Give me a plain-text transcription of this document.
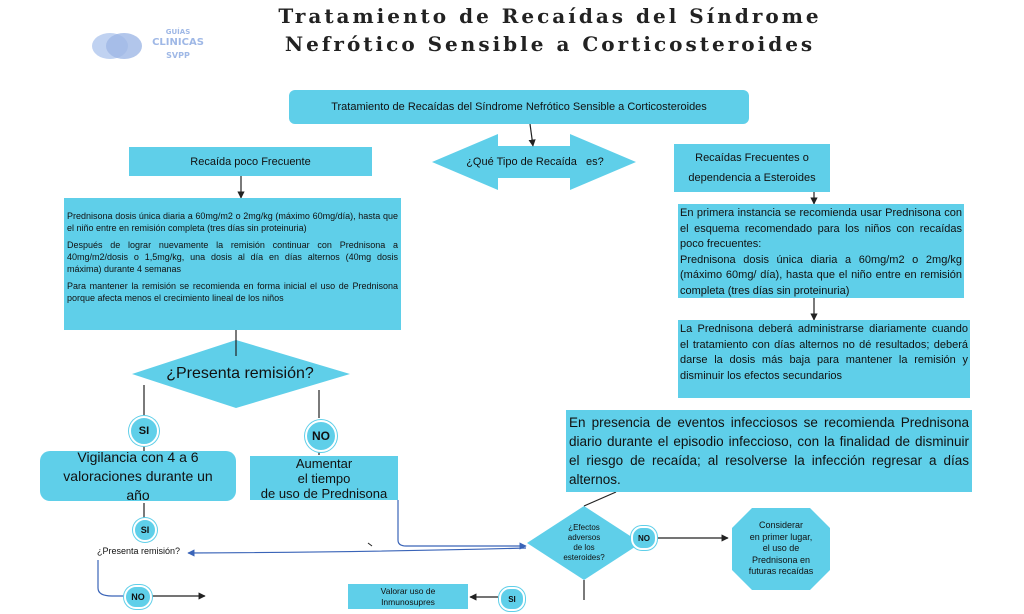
Tratamiento de Recaídas del Síndrome
Nefrótico Sensible a Corticosteroides
GUÍAS
CLINICAS
SVPP
Tratamiento de Recaídas del Síndrome Nefrótico Sensible a Corticosteroides
¿Qué Tipo de Recaída   es?
Recaída poco Frecuente	Recaídas Frecuentes o
dependencia a Esteroides

Prednisona dosis única diaria a 60mg/m2 o 2mg/kg (máximo 60mg/día), hasta que el niño entre en remisión completa (tres días sin proteinuria)

Después de lograr nuevamente la remisión continuar con Prednisona a 40mg/m2/dosis o 1,5mg/kg, una dosis al día en días alternos (40mg dosis máxima) durante 4 semanas

Para mantener la remisión se recomienda en forma inicial el uso de Prednisona porque afecta menos el crecimiento lineal de los niños

En primera instancia se recomienda usar Prednisona con el esquema recomendado para los niños con recaídas poco frecuentes:

Prednisona dosis única diaria a 60mg/m2 o 2mg/kg (máximo 60mg/ día), hasta que el niño entre en remisión completa (tres días sin proteinuria)

La Prednisona deberá administrarse diariamente cuando el tratamiento con días alternos no dé resultados; deberá darse la dosis más baja para mantener la remisión y disminuir los efectos secundarios

En presencia de eventos infecciosos se recomienda Prednisona diario durante el episodio infeccioso, con la finalidad de disminuir el riesgo de recaída; al resolverse la infección regresar a días alternos.

¿Presenta remisión?
SI	NO
Vigilancia con 4 a 6 valoraciones durante un año
Aumentar
el tiempo
de uso de Prednisona
SI
¿Presenta remisión?
NO
¿Efectos
adversos
de los
esteroides?
NO
SI
Considerar
en primer lugar,
el uso de
Prednisona en
futuras recaídas
Valorar uso de
Inmunosupres
